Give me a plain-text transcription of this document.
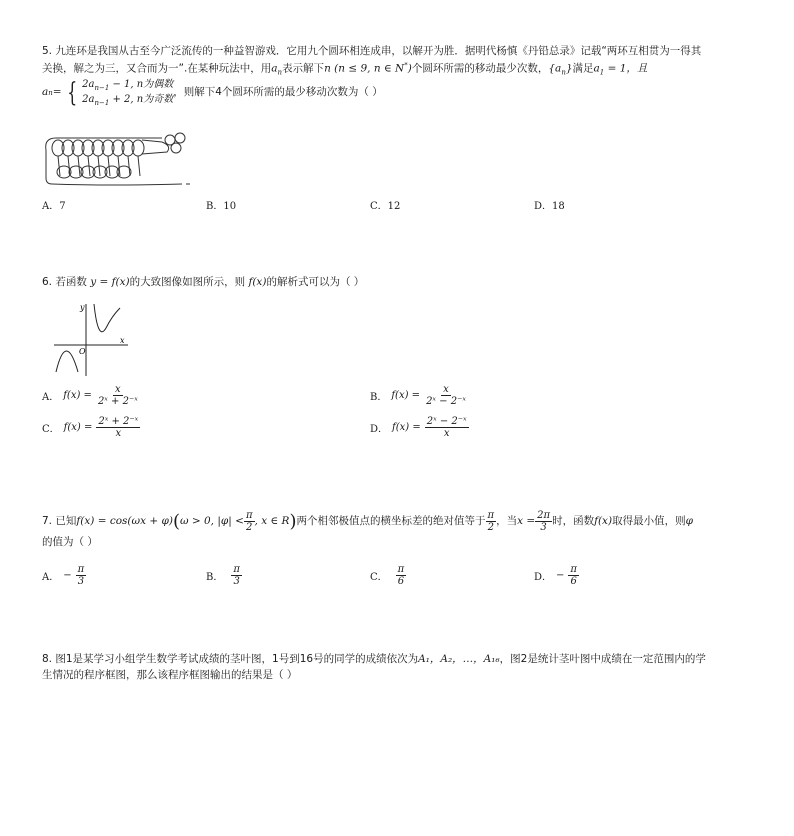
5. 九连环是我国从古至今广泛流传的一种益智游戏．它用九个圆环相连成串，以解开为胜．据明代杨慎《丹铅总录》记载“两环互相贯为一得其
关换，解之为三，又合而为一”.在某种玩法中，用$a_n$表示解下n (n ≤ 9, n ∈ N*)个圆环所需的移动最少次数，$\{a_n\}$满足$a_1 = 1$，且
a n = { $2a_{n-1} - 1$, n为偶数
$2a_{n-1} + 2$, n为奇数
，则解下4个圆环所需的最少移动次数为（ ）
A．7	B．10	C．12	D．18
6. 若函数 y = f(x)的大致图像如图所示，则 f(x)的解析式可以为（ ）
y
x
O
A． $f(x) = \frac{x}{\text{2ˣ + 2⁻ˣ}}$	B． $f(x) = \frac{x}{\text{2ˣ − 2⁻ˣ}}$
C． $f(x) = \frac{\text{2ˣ + 2⁻ˣ}}{x}$	D． $f(x) = \frac{\text{2ˣ − 2⁻ˣ}}{x}$
7. 已知 f(x) = cos(ωx + φ) ( ω > 0, $|\varphi| < \frac{\pi}{2}$ , x ∈ R ) 两个相邻极值点的横坐标差的绝对值等于 $\frac{\pi}{2}$ ，当 $x = \frac{2\pi}{3}$ 时，函数 f(x) 取得最小值，则 φ
的值为（ ）
A． − $\frac{\pi}{3}$	B． $\frac{\pi}{3}$	C． $\frac{\pi}{6}$	D． − $\frac{\pi}{6}$
8. 图1是某学习小组学生数学考试成绩的茎叶图，1号到16号的同学的成绩依次为A₁，A₂，…，A₁₆，图2是统计茎叶图中成绩在一定范围内的学
生情况的程序框图，那么该程序框图输出的结果是（ ）
